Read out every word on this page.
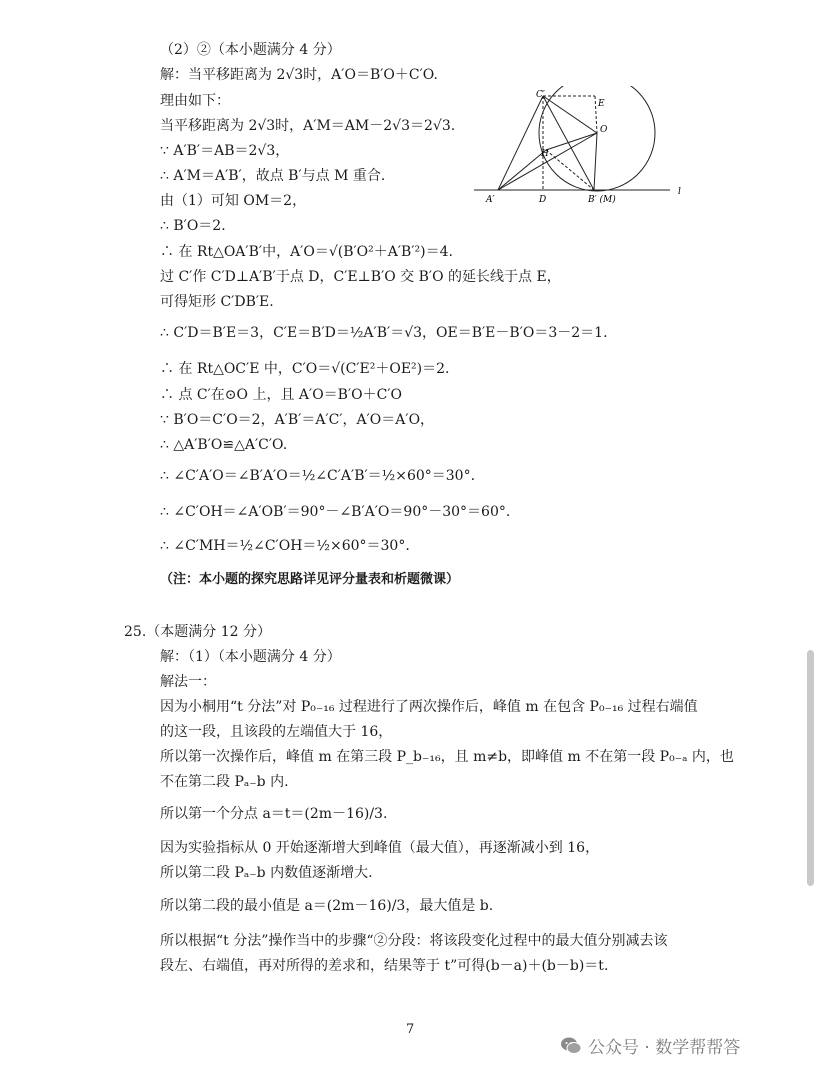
（2）②（本小题满分 4 分）
解：当平移距离为 2√3时，A′O＝B′O＋C′O.
理由如下：
当平移距离为 2√3时，A′M＝AM－2√3＝2√3.
∵ A′B′＝AB＝2√3，
∴ A′M＝A′B′，故点 B′与点 M 重合.
由（1）可知 OM＝2，
∴ B′O＝2.
∴ 在 Rt△OA′B′中，A′O＝√(B′O²＋A′B′²)＝4.
过 C′作 C′D⊥A′B′于点 D，C′E⊥B′O 交 B′O 的延长线于点 E，
可得矩形 C′DB′E.
∴ C′D＝B′E＝3，C′E＝B′D＝½A′B′＝√3，OE＝B′E－B′O＝3－2＝1.
∴ 在 Rt△OC′E 中，C′O＝√(C′E²＋OE²)＝2.
∴ 点 C′在⊙O 上，且 A′O＝B′O＋C′O
∵ B′O＝C′O＝2，A′B′＝A′C′，A′O＝A′O，
∴ △A′B′O≌△A′C′O.
∴ ∠C′A′O＝∠B′A′O＝½∠C′A′B′＝½×60°＝30°.
∴ ∠C′OH＝∠A′OB′＝90°－∠B′A′O＝90°－30°＝60°.
∴ ∠C′MH＝½∠C′OH＝½×60°＝30°.
（注：本小题的探究思路详见评分量表和析题微课）
25.（本题满分 12 分）
解：（1）（本小题满分 4 分）
解法一：
因为小桐用“t 分法”对 P₀₋₁₆ 过程进行了两次操作后，峰值 m 在包含 P₀₋₁₆ 过程右端值
的这一段，且该段的左端值大于 16，
所以第一次操作后，峰值 m 在第三段 P_b₋₁₆，且 m≠b，即峰值 m 不在第一段 P₀₋ₐ 内，也
不在第二段 Pₐ₋b 内.
所以第一个分点 a＝t＝(2m－16)/3.
因为实验指标从 0 开始逐渐增大到峰值（最大值），再逐渐减小到 16，
所以第二段 Pₐ₋b 内数值逐渐增大.
所以第二段的最小值是 a＝(2m－16)/3，最大值是 b.
所以根据“t 分法”操作当中的步骤“②分段：将该段变化过程中的最大值分别减去该
段左、右端值，再对所得的差求和，结果等于 t”可得(b－a)＋(b－b)＝t.
C′
E
O
H
A′	D	B′ (M)
l
7
公众号 · 数学帮帮答
